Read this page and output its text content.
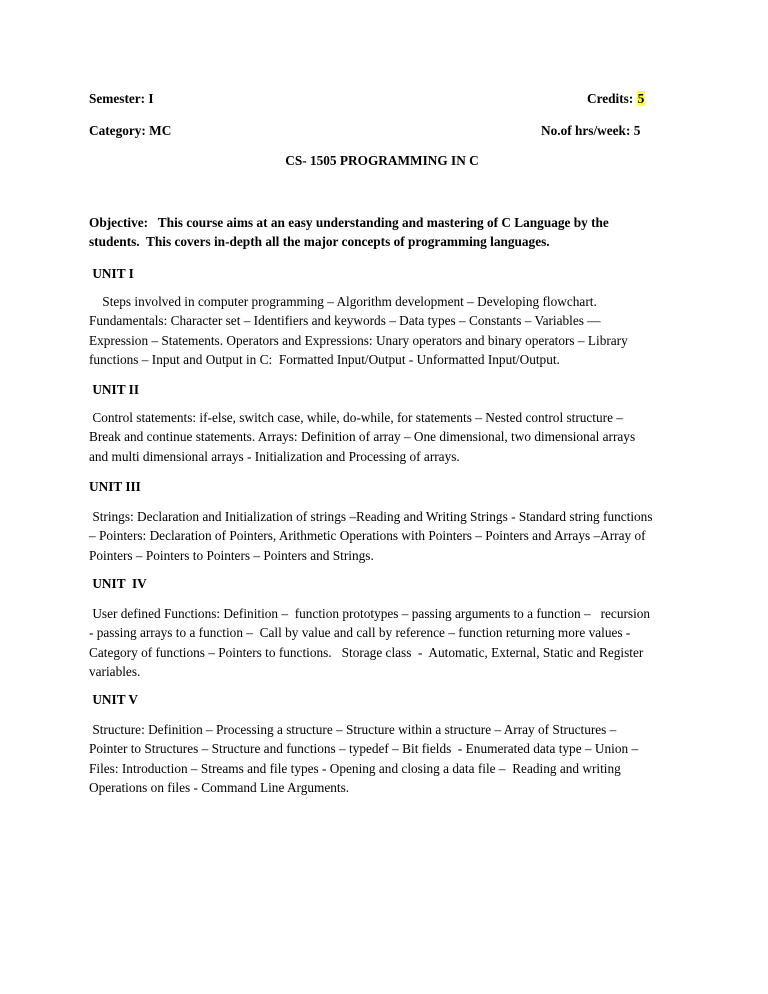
Semester: I	Credits: 5
Category: MC	No.of hrs/week: 5
CS- 1505 PROGRAMMING IN C
Objective:   This course aims at an easy understanding and mastering of C Language by the
students.  This covers in-depth all the major concepts of programming languages.
UNIT I
Steps involved in computer programming – Algorithm development – Developing flowchart.
Fundamentals: Character set – Identifiers and keywords – Data types – Constants – Variables —
Expression – Statements. Operators and Expressions: Unary operators and binary operators – Library
functions – Input and Output in C:  Formatted Input/Output - Unformatted Input/Output.
UNIT II
Control statements: if-else, switch case, while, do-while, for statements – Nested control structure –
Break and continue statements. Arrays: Definition of array – One dimensional, two dimensional arrays
and multi dimensional arrays - Initialization and Processing of arrays.
UNIT III
Strings: Declaration and Initialization of strings –Reading and Writing Strings - Standard string functions
– Pointers: Declaration of Pointers, Arithmetic Operations with Pointers – Pointers and Arrays –Array of
Pointers – Pointers to Pointers – Pointers and Strings.
UNIT  IV
User defined Functions: Definition –  function prototypes – passing arguments to a function –   recursion
- passing arrays to a function –  Call by value and call by reference – function returning more values -
Category of functions – Pointers to functions.   Storage class  -  Automatic, External, Static and Register
variables.
UNIT V
Structure: Definition – Processing a structure – Structure within a structure – Array of Structures –
Pointer to Structures – Structure and functions – typedef – Bit fields  - Enumerated data type – Union –
Files: Introduction – Streams and file types - Opening and closing a data file –  Reading and writing
Operations on files - Command Line Arguments.
